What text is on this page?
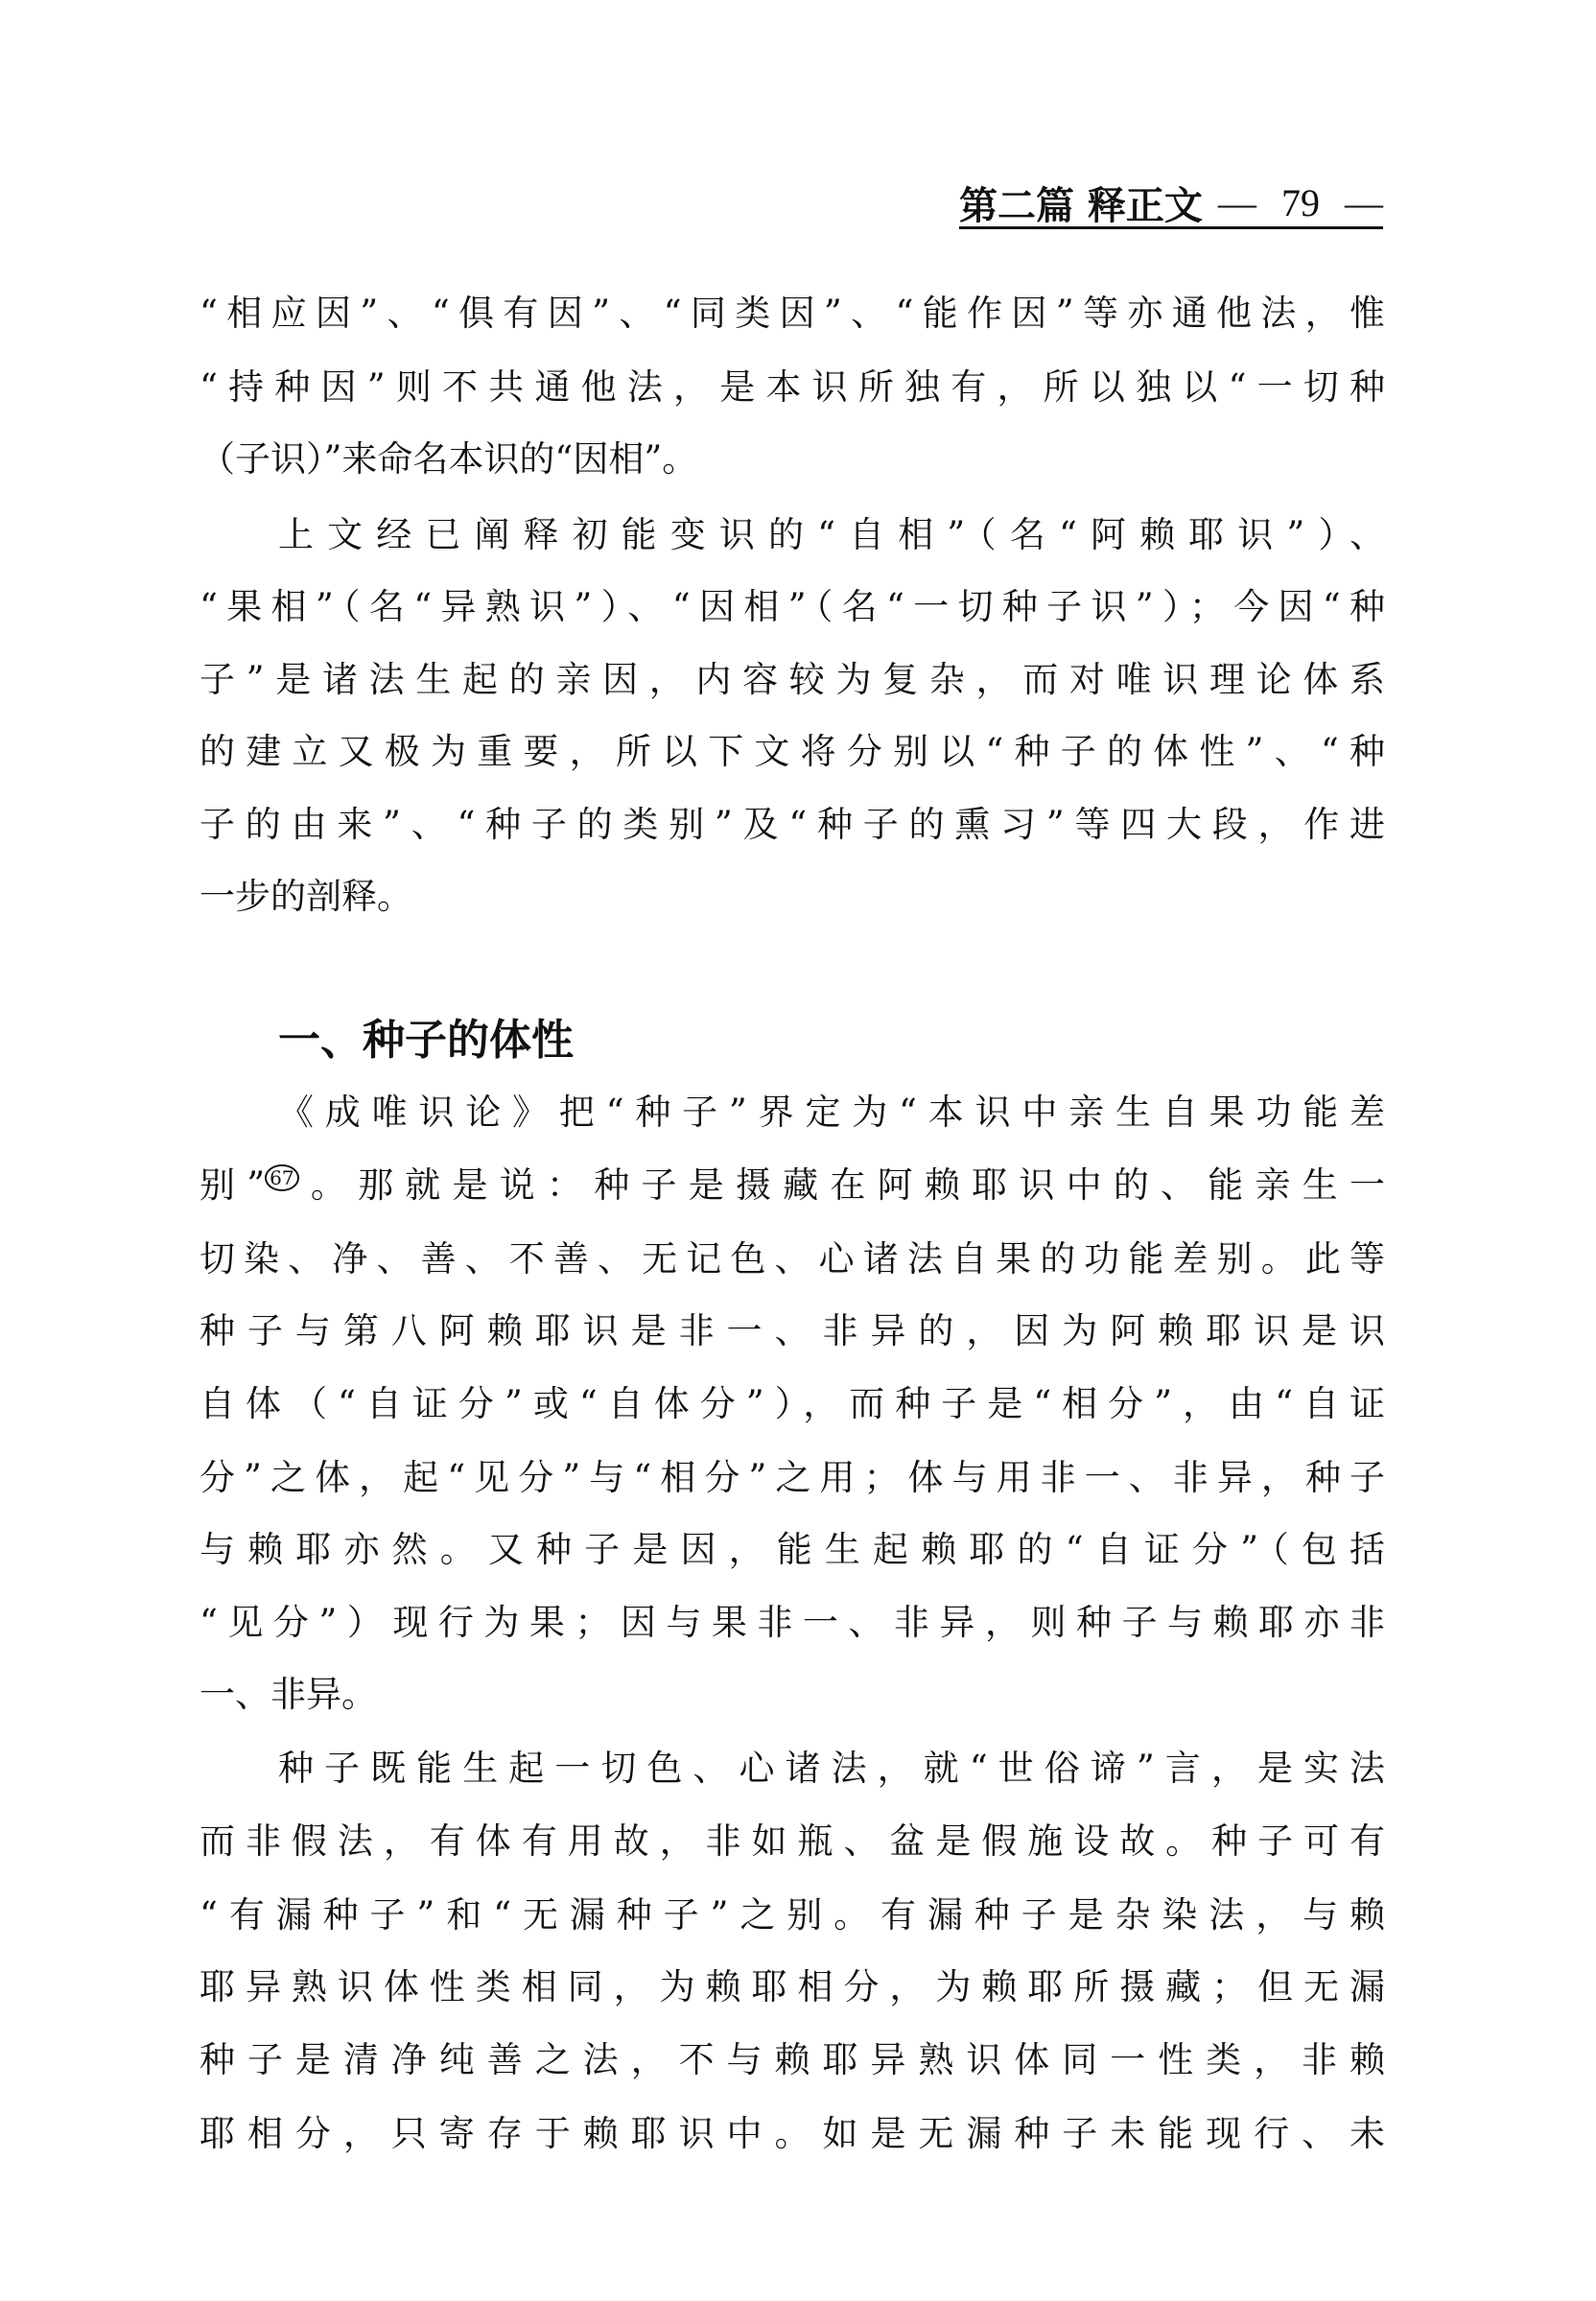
第二篇 释正文 — 79 —
“相应因”、“俱有因”、“同类因”、“能作因”等亦通他法，惟
“持种因”则不共通他法，是本识所独有，所以独以“一切种
（子识）”来命名本识的“因相”。
上文经已阐释初能变识的“自相”（名“阿赖耶识”）、
“果相”（名“异熟识”）、“因相”（名“一切种子识”）；今因“种
子”是诸法生起的亲因，内容较为复杂，而对唯识理论体系
的建立又极为重要，所以下文将分别以“种子的体性”、“种
子的由来”、“种子的类别”及“种子的熏习”等四大段，作进
一步的剖释。
一、种子的体性
《成唯识论》把“种子”界定为“本识中亲生自果功能差
别” $^{67}$ 。那就是说：种子是摄藏在阿赖耶识中的、能亲生一
切染、净、善、不善、无记色、心诸法自果的功能差别。此等
种子与第八阿赖耶识是非一、非异的，因为阿赖耶识是识
自体（“自证分”或“自体分”），而种子是“相分”，由“自证
分”之体，起“见分”与“相分”之用；体与用非一、非异，种子
与赖耶亦然。又种子是因，能生起赖耶的“自证分”（包括
“见分”）现行为果；因与果非一、非异，则种子与赖耶亦非
一、非异。
种子既能生起一切色、心诸法，就“世俗谛”言，是实法
而非假法，有体有用故，非如瓶、盆是假施设故。种子可有
“有漏种子”和“无漏种子”之别。有漏种子是杂染法，与赖
耶异熟识体性类相同，为赖耶相分，为赖耶所摄藏；但无漏
种子是清净纯善之法，不与赖耶异熟识体同一性类，非赖
耶相分，只寄存于赖耶识中。如是无漏种子未能现行、未
